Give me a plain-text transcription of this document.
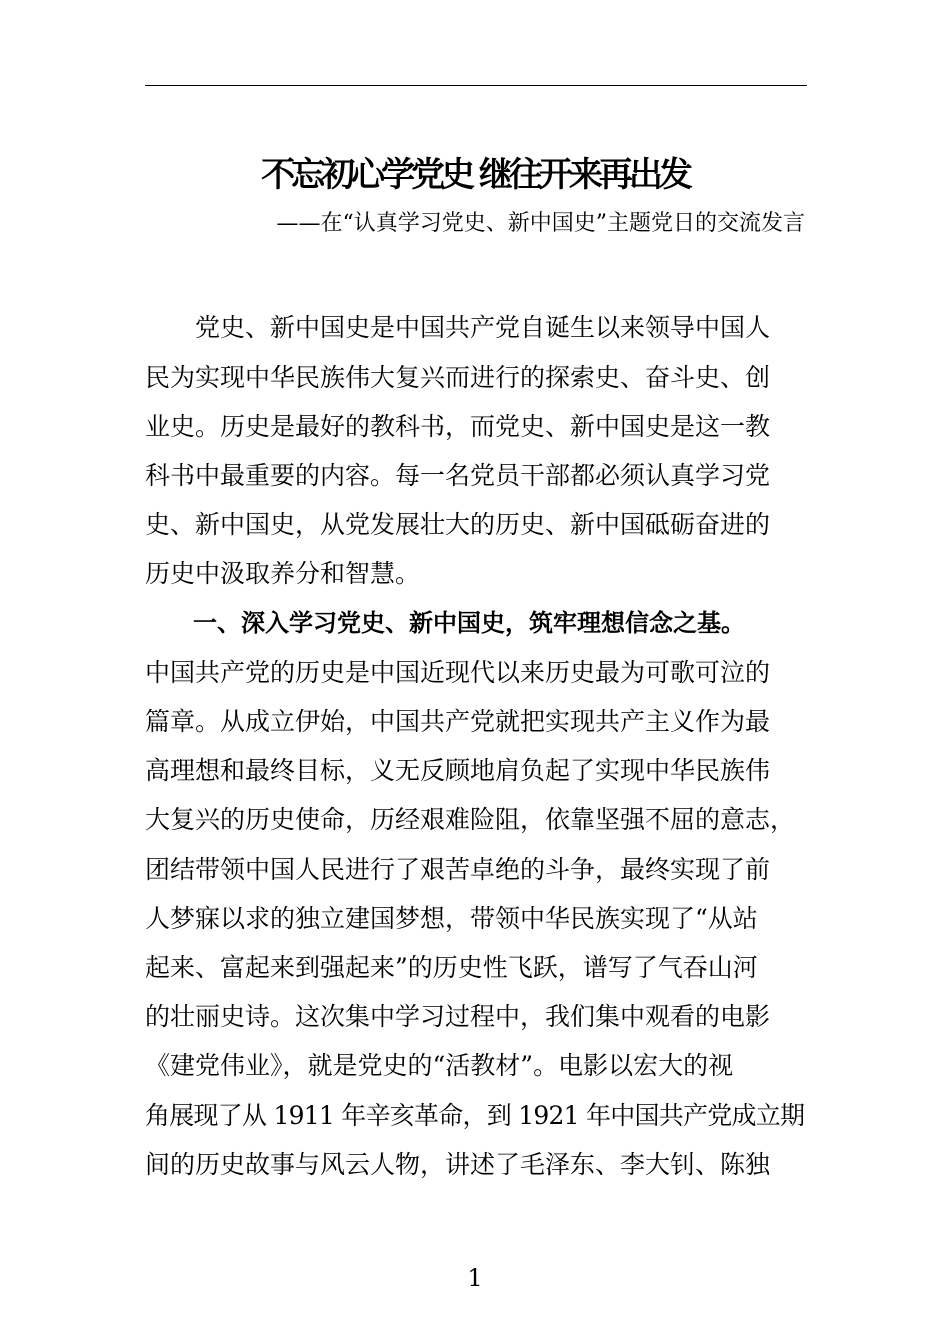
不忘初心学党史 继往开来再出发

——在“认真学习党史、新中国史”主题党日的交流发言

　　党史、新中国史是中国共产党自诞生以来领导中国人
民为实现中华民族伟大复兴而进行的探索史、奋斗史、创
业史。历史是最好的教科书，而党史、新中国史是这一教
科书中最重要的内容。每一名党员干部都必须认真学习党
史、新中国史，从党发展壮大的历史、新中国砥砺奋进的
历史中汲取养分和智慧。
　　一、深入学习党史、新中国史，筑牢理想信念之基。
中国共产党的历史是中国近现代以来历史最为可歌可泣的
篇章。从成立伊始，中国共产党就把实现共产主义作为最
高理想和最终目标，义无反顾地肩负起了实现中华民族伟
大复兴的历史使命，历经艰难险阻，依靠坚强不屈的意志，
团结带领中国人民进行了艰苦卓绝的斗争，最终实现了前
人梦寐以求的独立建国梦想，带领中华民族实现了“从站
起来、富起来到强起来”的历史性飞跃，谱写了气吞山河
的壮丽史诗。这次集中学习过程中，我们集中观看的电影
《建党伟业》，就是党史的“活教材”。电影以宏大的视
角展现了从 1911 年辛亥革命，到 1921 年中国共产党成立期
间的历史故事与风云人物，讲述了毛泽东、李大钊、陈独
1
